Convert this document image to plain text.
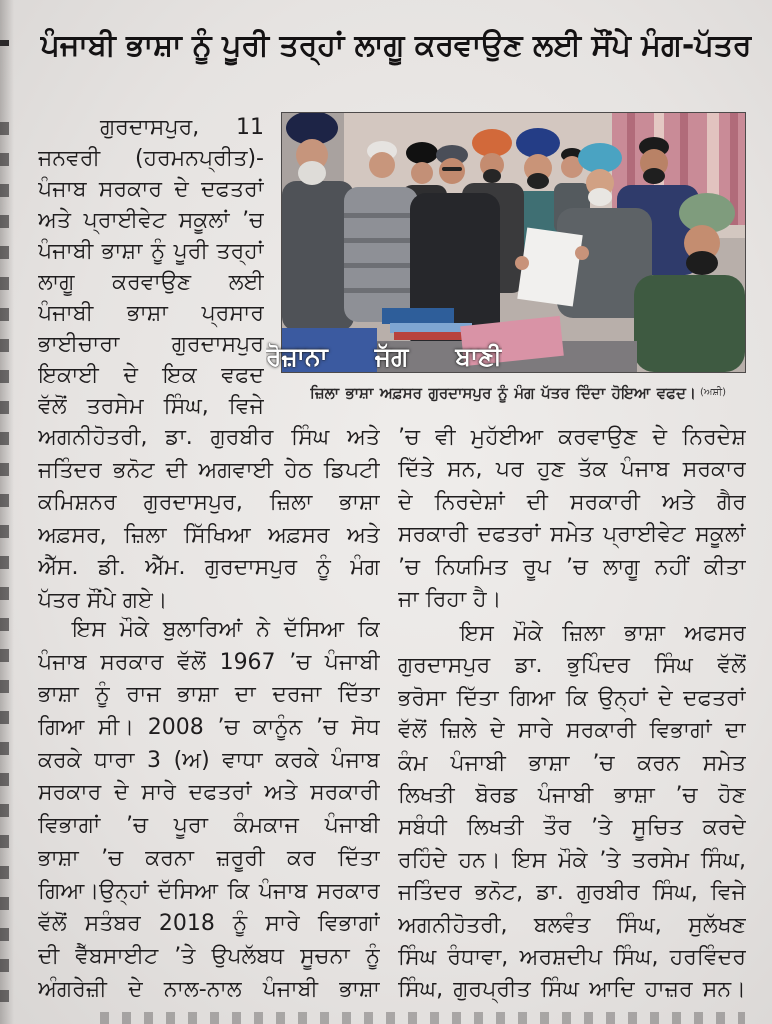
ਪੰਜਾਬੀ ਭਾਸ਼ਾ ਨੂੰ ਪੂਰੀ ਤਰ੍ਹਾਂ ਲਾਗੂ ਕਰਵਾਉਣ ਲਈ ਸੌਂਪੇ ਮੰਗ-ਪੱਤਰ
ਗੁਰਦਾਸਪੁਰ, 11
ਜਨਵਰੀ (ਹਰਮਨਪ੍ਰੀਤ)-
ਪੰਜਾਬ ਸਰਕਾਰ ਦੇ ਦਫਤਰਾਂ
ਅਤੇ ਪ੍ਰਾਈਵੇਟ ਸਕੂਲਾਂ ’ਚ
ਪੰਜਾਬੀ ਭਾਸ਼ਾ ਨੂੰ ਪੂਰੀ ਤਰ੍ਹਾਂ
ਲਾਗੂ ਕਰਵਾਉਣ ਲਈ
ਪੰਜਾਬੀ ਭਾਸ਼ਾ ਪ੍ਰਸਾਰ
ਭਾਈਚਾਰਾ ਗੁਰਦਾਸਪੁਰ
ਇਕਾਈ ਦੇ ਇਕ ਵਫਦ
ਵੱਲੋਂ ਤਰਸੇਮ ਸਿੰਘ, ਵਿਜੇ
ਅਗਨੀਹੋਤਰੀ, ਡਾ. ਗੁਰਬੀਰ ਸਿੰਘ ਅਤੇ
ਜਤਿੰਦਰ ਭਨੋਟ ਦੀ ਅਗਵਾਈ ਹੇਠ ਡਿਪਟੀ
ਕਮਿਸ਼ਨਰ ਗੁਰਦਾਸਪੁਰ, ਜ਼ਿਲਾ ਭਾਸ਼ਾ
ਅਫ਼ਸਰ, ਜ਼ਿਲਾ ਸਿੱਖਿਆ ਅਫ਼ਸਰ ਅਤੇ
ਐੱਸ. ਡੀ. ਐੱਮ. ਗੁਰਦਾਸਪੁਰ ਨੂੰ ਮੰਗ
ਪੱਤਰ ਸੌਂਪੇ ਗਏ।
ਇਸ ਮੌਕੇ ਬੁਲਾਰਿਆਂ ਨੇ ਦੱਸਿਆ ਕਿ
ਪੰਜਾਬ ਸਰਕਾਰ ਵੱਲੋਂ 1967 ’ਚ ਪੰਜਾਬੀ
ਭਾਸ਼ਾ ਨੂੰ ਰਾਜ ਭਾਸ਼ਾ ਦਾ ਦਰਜਾ ਦਿੱਤਾ
ਗਿਆ ਸੀ। 2008 ’ਚ ਕਾਨੂੰਨ ’ਚ ਸੋਧ
ਕਰਕੇ ਧਾਰਾ 3 (ਅ) ਵਾਧਾ ਕਰਕੇ ਪੰਜਾਬ
ਸਰਕਾਰ ਦੇ ਸਾਰੇ ਦਫਤਰਾਂ ਅਤੇ ਸਰਕਾਰੀ
ਵਿਭਾਗਾਂ ’ਚ ਪੂਰਾ ਕੰਮਕਾਜ ਪੰਜਾਬੀ
ਭਾਸ਼ਾ ’ਚ ਕਰਨਾ ਜ਼ਰੂਰੀ ਕਰ ਦਿੱਤਾ
ਗਿਆ।ਉਨ੍ਹਾਂ ਦੱਸਿਆ ਕਿ ਪੰਜਾਬ ਸਰਕਾਰ
ਵੱਲੋਂ ਸਤੰਬਰ 2018 ਨੂੰ ਸਾਰੇ ਵਿਭਾਗਾਂ
ਦੀ ਵੈੱਬਸਾਈਟ ’ਤੇ ਉਪਲੱਬਧ ਸੂਚਨਾ ਨੂੰ
ਅੰਗਰੇਜ਼ੀ ਦੇ ਨਾਲ-ਨਾਲ ਪੰਜਾਬੀ ਭਾਸ਼ਾ
ਰੋਜ਼ਾਨਾ ਜੱਗ ਬਾਣੀ
ਜ਼ਿਲਾ ਭਾਸ਼ਾ ਅਫ਼ਸਰ ਗੁਰਦਾਸਪੁਰ ਨੂੰ ਮੰਗ ਪੱਤਰ ਦਿੰਦਾ ਹੋਇਆ ਵਫਦ। (ਅਸ਼ੀ)
’ਚ ਵੀ ਮੁਹੱਈਆ ਕਰਵਾਉਣ ਦੇ ਨਿਰਦੇਸ਼
ਦਿੱਤੇ ਸਨ, ਪਰ ਹੁਣ ਤੱਕ ਪੰਜਾਬ ਸਰਕਾਰ
ਦੇ ਨਿਰਦੇਸ਼ਾਂ ਦੀ ਸਰਕਾਰੀ ਅਤੇ ਗੈਰ
ਸਰਕਾਰੀ ਦਫਤਰਾਂ ਸਮੇਤ ਪ੍ਰਾਈਵੇਟ ਸਕੂਲਾਂ
’ਚ ਨਿਯਮਿਤ ਰੂਪ ’ਚ ਲਾਗੂ ਨਹੀਂ ਕੀਤਾ
ਜਾ ਰਿਹਾ ਹੈ।
ਇਸ ਮੌਕੇ ਜ਼ਿਲਾ ਭਾਸ਼ਾ ਅਫਸਰ
ਗੁਰਦਾਸਪੁਰ ਡਾ. ਭੁਪਿੰਦਰ ਸਿੰਘ ਵੱਲੋਂ
ਭਰੋਸਾ ਦਿੱਤਾ ਗਿਆ ਕਿ ਉਨ੍ਹਾਂ ਦੇ ਦਫਤਰਾਂ
ਵੱਲੋਂ ਜ਼ਿਲੇ ਦੇ ਸਾਰੇ ਸਰਕਾਰੀ ਵਿਭਾਗਾਂ ਦਾ
ਕੰਮ ਪੰਜਾਬੀ ਭਾਸ਼ਾ ’ਚ ਕਰਨ ਸਮੇਤ
ਲਿਖਤੀ ਬੋਰਡ ਪੰਜਾਬੀ ਭਾਸ਼ਾ ’ਚ ਹੋਣ
ਸਬੰਧੀ ਲਿਖਤੀ ਤੌਰ ’ਤੇ ਸੂਚਿਤ ਕਰਦੇ
ਰਹਿੰਦੇ ਹਨ। ਇਸ ਮੌਕੇ ’ਤੇ ਤਰਸੇਮ ਸਿੰਘ,
ਜਤਿੰਦਰ ਭਨੋਟ, ਡਾ. ਗੁਰਬੀਰ ਸਿੰਘ, ਵਿਜੇ
ਅਗਨੀਹੋਤਰੀ, ਬਲਵੰਤ ਸਿੰਘ, ਸੁਲੱਖਣ
ਸਿੰਘ ਰੰਧਾਵਾ, ਅਰਸ਼ਦੀਪ ਸਿੰਘ, ਹਰਵਿੰਦਰ
ਸਿੰਘ, ਗੁਰਪ੍ਰੀਤ ਸਿੰਘ ਆਦਿ ਹਾਜ਼ਰ ਸਨ।
